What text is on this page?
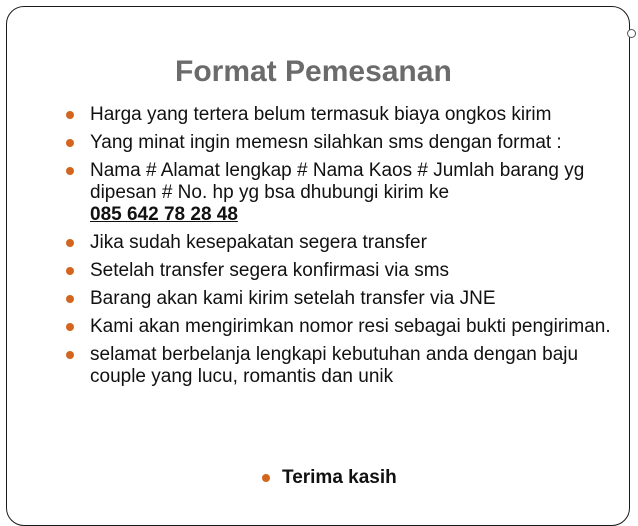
Format Pemesanan
Harga yang tertera belum termasuk biaya ongkos kirim
Yang minat ingin memesn silahkan sms dengan format :
Nama # Alamat lengkap # Nama Kaos # Jumlah barang yg dipesan # No. hp yg bsa dhubungi kirim ke
085 642 78 28 48
Jika sudah kesepakatan segera transfer
Setelah transfer segera konfirmasi via sms
Barang akan kami kirim setelah transfer via JNE
Kami akan mengirimkan nomor resi sebagai bukti pengiriman.
selamat berbelanja lengkapi kebutuhan anda dengan baju couple yang lucu, romantis dan unik
Terima kasih
